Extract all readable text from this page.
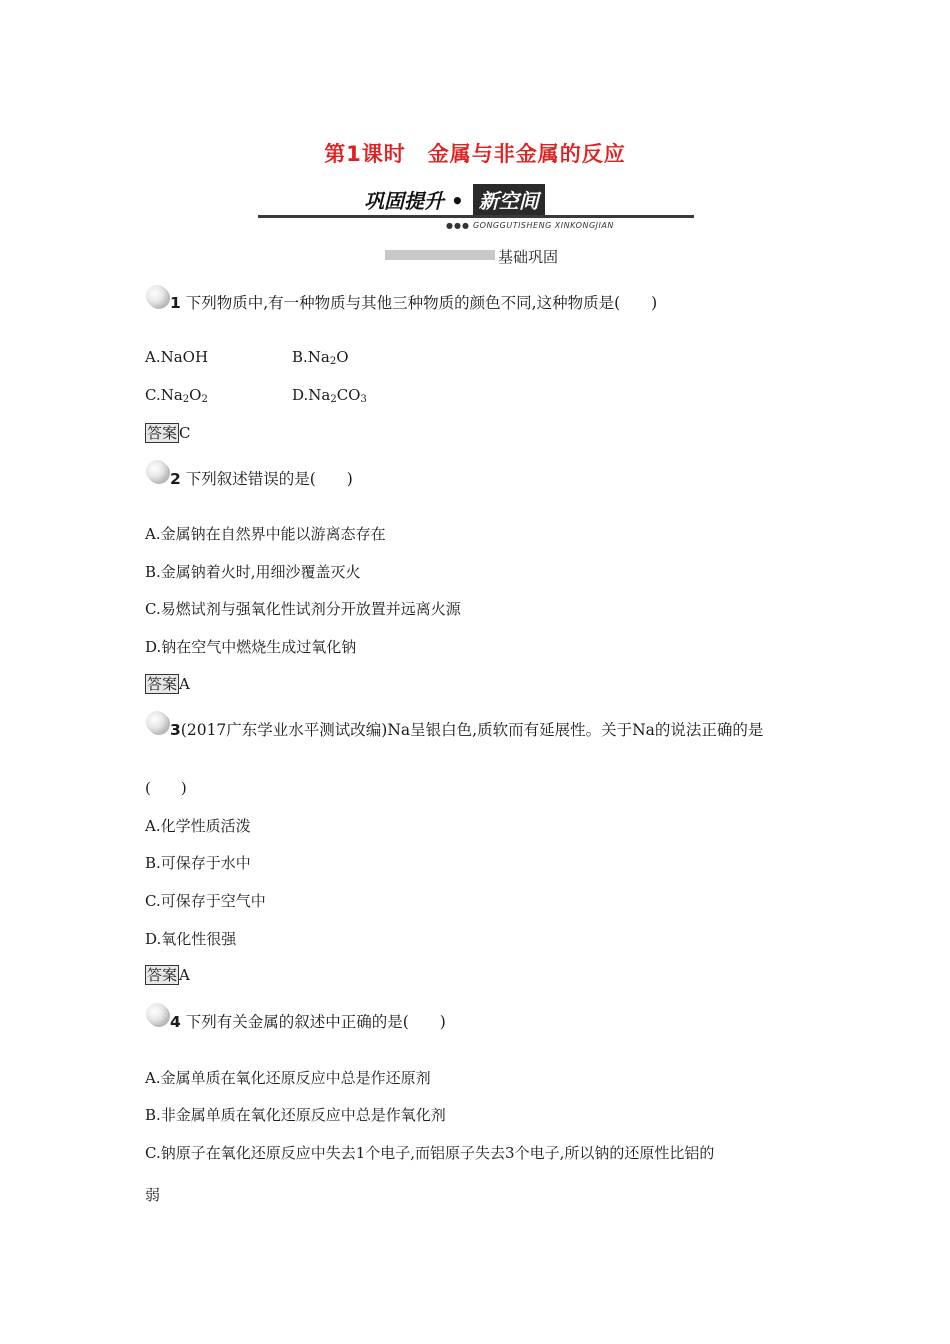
第1课时　金属与非金属的反应
巩固提升 • 新空间
●●● GONGGUTISHENG XINKONGJIAN
基础巩固
1 下列物质中,有一种物质与其他三种物质的颜色不同,这种物质是(　　)
A.NaOH	$B.Na_2O$
$C.Na_2O_2$	$D.Na_2CO_3$
答案 C
2 下列叙述错误的是(　　)
A.金属钠在自然界中能以游离态存在
B.金属钠着火时,用细沙覆盖灭火
C.易燃试剂与强氧化性试剂分开放置并远离火源
D.钠在空气中燃烧生成过氧化钠
答案 A
3(2017广东学业水平测试改编)Na呈银白色,质软而有延展性。关于Na的说法正确的是
(　　)
A.化学性质活泼
B.可保存于水中
C.可保存于空气中
D.氧化性很强
答案 A
4 下列有关金属的叙述中正确的是(　　)
A.金属单质在氧化还原反应中总是作还原剂
B.非金属单质在氧化还原反应中总是作氧化剂
C.钠原子在氧化还原反应中失去1个电子,而铝原子失去3个电子,所以钠的还原性比铝的
弱
